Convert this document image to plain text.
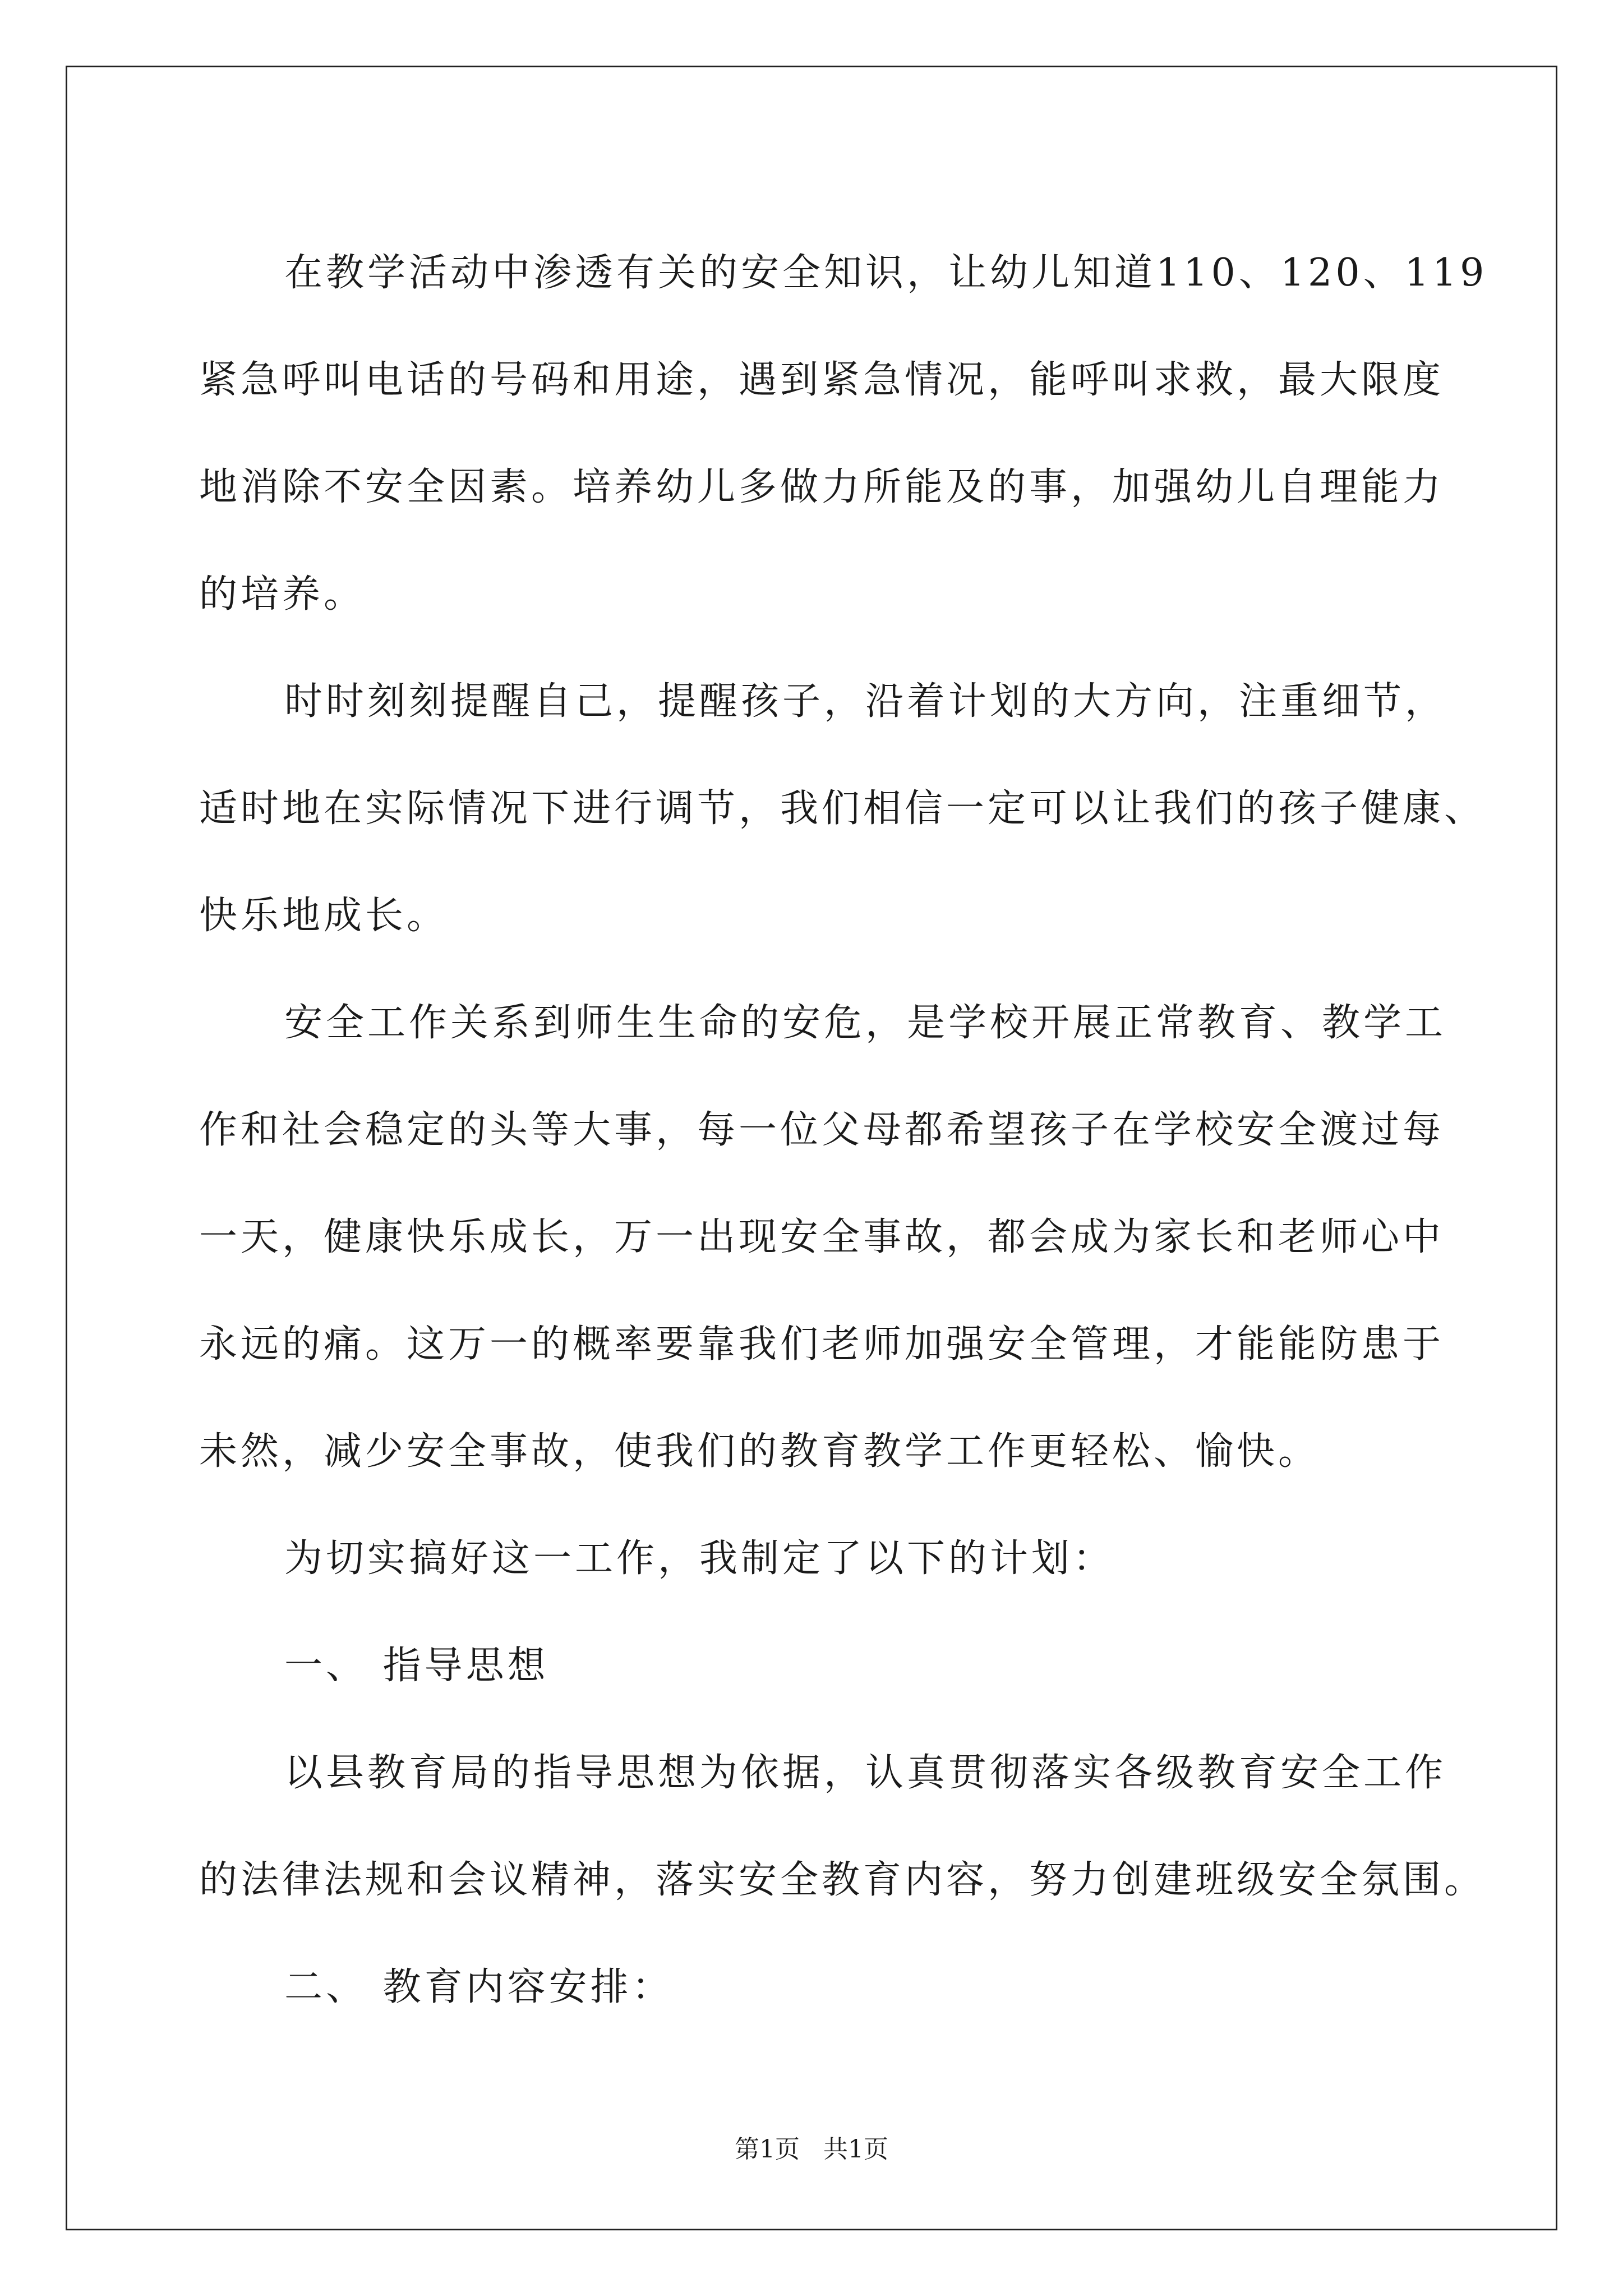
在教学活动中渗透有关的安全知识，让幼儿知道110、120、119
紧急呼叫电话的号码和用途，遇到紧急情况，能呼叫求救，最大限度
地消除不安全因素。培养幼儿多做力所能及的事，加强幼儿自理能力
的培养。
时时刻刻提醒自己，提醒孩子，沿着计划的大方向，注重细节，
适时地在实际情况下进行调节，我们相信一定可以让我们的孩子健康、
快乐地成长。
安全工作关系到师生生命的安危，是学校开展正常教育、教学工
作和社会稳定的头等大事，每一位父母都希望孩子在学校安全渡过每
一天，健康快乐成长，万一出现安全事故，都会成为家长和老师心中
永远的痛。这万一的概率要靠我们老师加强安全管理，才能能防患于
未然，减少安全事故，使我们的教育教学工作更轻松、愉快。
为切实搞好这一工作，我制定了以下的计划：
一、 指导思想
以县教育局的指导思想为依据，认真贯彻落实各级教育安全工作
的法律法规和会议精神，落实安全教育内容，努力创建班级安全氛围。
二、 教育内容安排：
第1页   共1页
